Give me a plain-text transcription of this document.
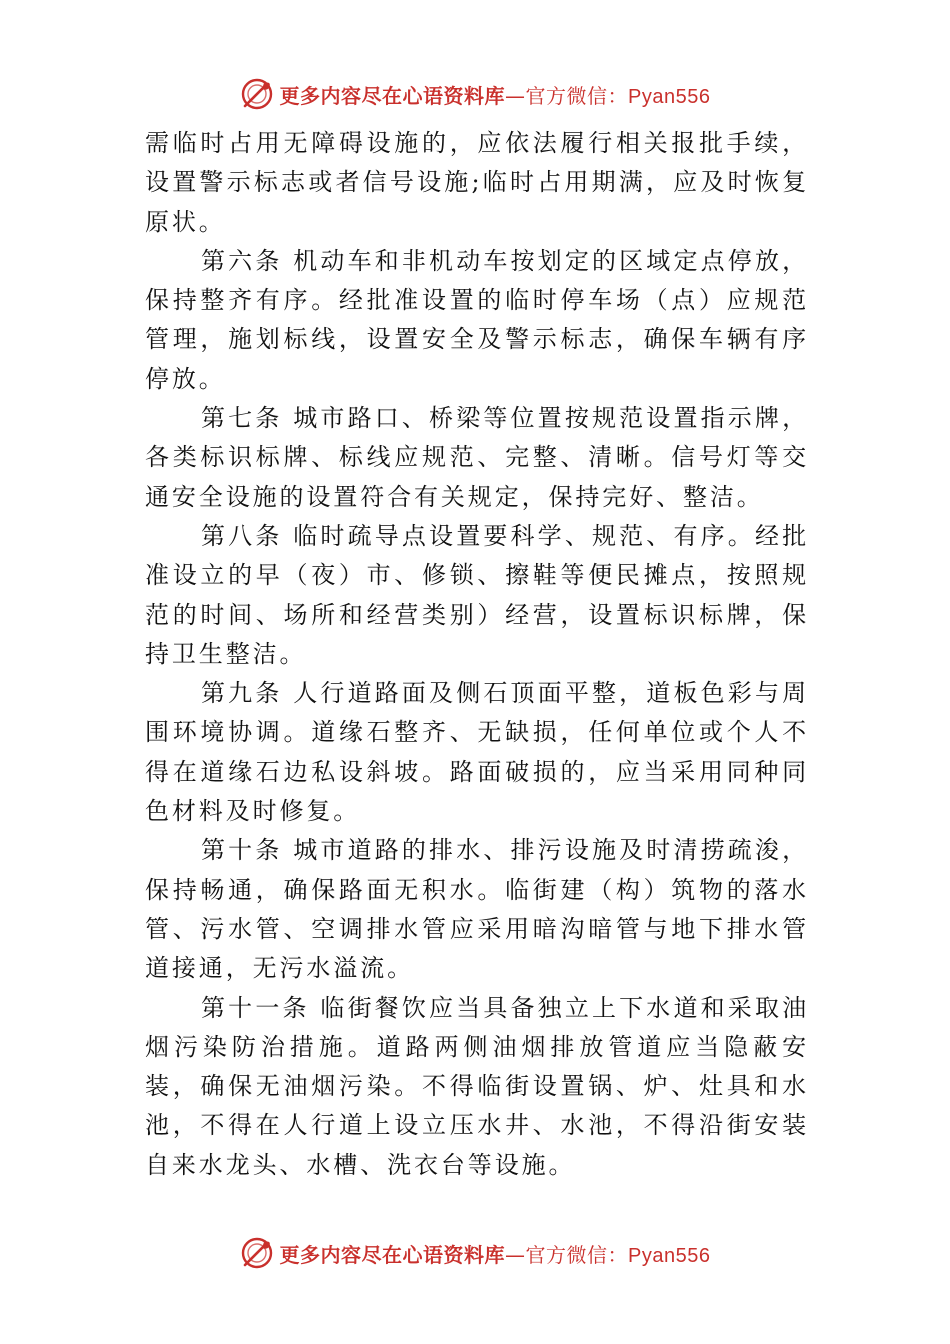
更多内容尽在心语资料库—官方微信：Pyan556

需临时占用无障碍设施的，应依法履行相关报批手续，设置警示标志或者信号设施;临时占用期满，应及时恢复原状。

第六条 机动车和非机动车按划定的区域定点停放，保持整齐有序。经批准设置的临时停车场（点）应规范管理，施划标线，设置安全及警示标志，确保车辆有序停放。

第七条 城市路口、桥梁等位置按规范设置指示牌，各类标识标牌、标线应规范、完整、清晰。信号灯等交通安全设施的设置符合有关规定，保持完好、整洁。

第八条 临时疏导点设置要科学、规范、有序。经批准设立的早（夜）市、修锁、擦鞋等便民摊点，按照规范的时间、场所和经营类别）经营，设置标识标牌，保持卫生整洁。

第九条 人行道路面及侧石顶面平整，道板色彩与周围环境协调。道缘石整齐、无缺损，任何单位或个人不得在道缘石边私设斜坡。路面破损的，应当采用同种同色材料及时修复。

第十条 城市道路的排水、排污设施及时清捞疏浚，保持畅通，确保路面无积水。临街建（构）筑物的落水管、污水管、空调排水管应采用暗沟暗管与地下排水管道接通，无污水溢流。

第十一条 临街餐饮应当具备独立上下水道和采取油烟污染防治措施。道路两侧油烟排放管道应当隐蔽安装，确保无油烟污染。不得临街设置锅、炉、灶具和水池，不得在人行道上设立压水井、水池，不得沿街安装自来水龙头、水槽、洗衣台等设施。

更多内容尽在心语资料库—官方微信：Pyan556
